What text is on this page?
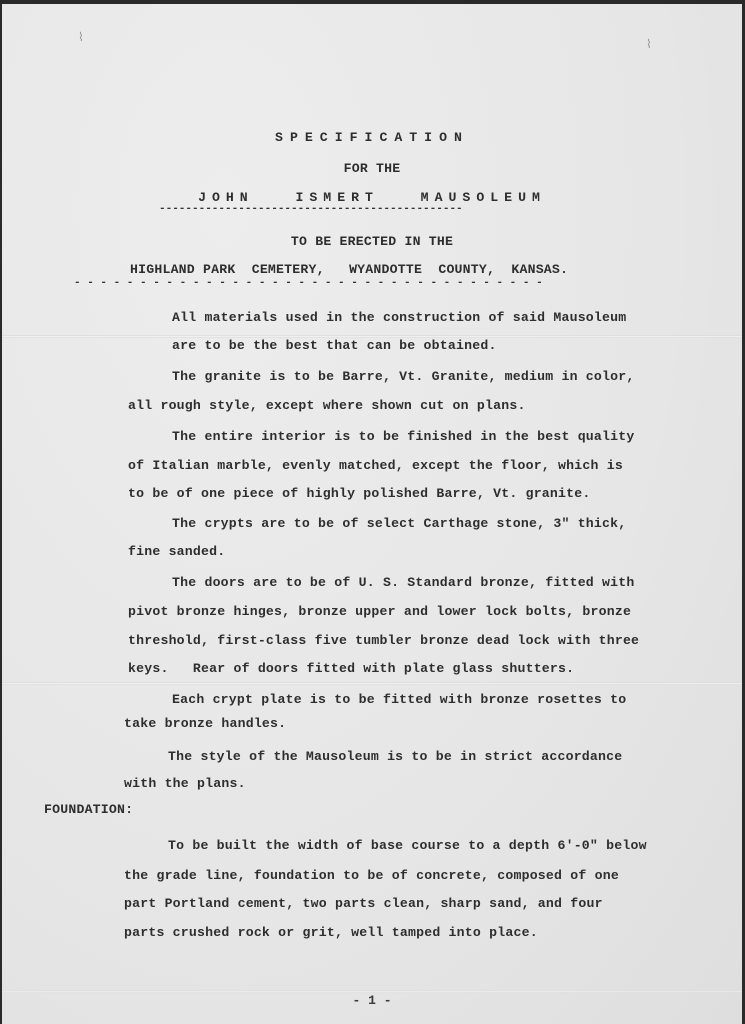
⌇	⌇
SPECIFICATION
FOR THE
JOHN   ISMERT   MAUSOLEUM
----------------------------------------------
TO BE ERECTED IN THE
HIGHLAND PARK  CEMETERY,   WYANDOTTE  COUNTY,  KANSAS.
- - - - - - - - - - - - - - - - - - - - - - - - - - - - - - - - - - - -
All materials used in the construction of said Mausoleum
are to be the best that can be obtained.
The granite is to be Barre, Vt. Granite, medium in color,
all rough style, except where shown cut on plans.
The entire interior is to be finished in the best quality
of Italian marble, evenly matched, except the floor, which is
to be of one piece of highly polished Barre, Vt. granite.
The crypts are to be of select Carthage stone, 3" thick,
fine sanded.
The doors are to be of U. S. Standard bronze, fitted with
pivot bronze hinges, bronze upper and lower lock bolts, bronze
threshold, first-class five tumbler bronze dead lock with three
keys.   Rear of doors fitted with plate glass shutters.
Each crypt plate is to be fitted with bronze rosettes to
take bronze handles.
The style of the Mausoleum is to be in strict accordance
with the plans.
FOUNDATION:
To be built the width of base course to a depth 6'-0" below
the grade line, foundation to be of concrete, composed of one
part Portland cement, two parts clean, sharp sand, and four
parts crushed rock or grit, well tamped into place.
- 1 -
